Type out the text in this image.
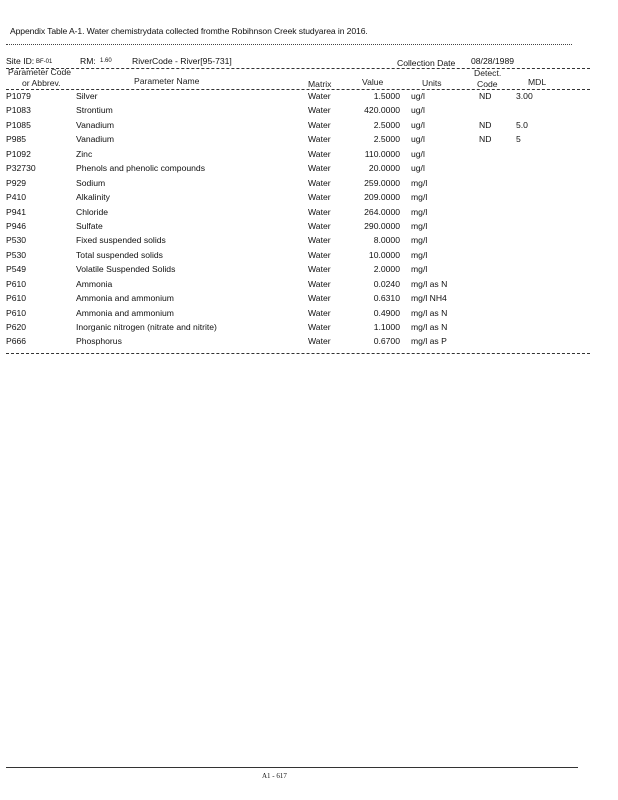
Appendix Table A-1. Water chemistrydata collected fromthe Robihnson Creek studyarea in 2016.
Site ID: BF-01	RM: 1.60 RiverCode - River[95-731]	Collection Date 08/28/1989
Parameter Code
or Abbrev.	Parameter Name	Matrix	Value	Units
Detect.
Code	MDL
P1079	Silver	Water	1.5000 ug/l	ND	3.00
P1083	Strontium	Water	420.0000 ug/l
P1085	Vanadium	Water	2.5000 ug/l	ND	5.0
P985	Vanadium	Water	2.5000 ug/l	ND	5
P1092	Zinc	Water	110.0000 ug/l
P32730	Phenols and phenolic compounds	Water	20.0000 ug/l
P929	Sodium	Water	259.0000 mg/l
P410	Alkalinity	Water	209.0000 mg/l
P941	Chloride	Water	264.0000 mg/l
P946	Sulfate	Water	290.0000 mg/l
P530	Fixed suspended solids	Water	8.0000 mg/l
P530	Total suspended solids	Water	10.0000 mg/l
P549	Volatile Suspended Solids	Water	2.0000 mg/l
P610	Ammonia	Water	0.0240 mg/l as N
P610	Ammonia and ammonium	Water	0.6310 mg/l NH4
P610	Ammonia and ammonium	Water	0.4900 mg/l as N
P620	Inorganic nitrogen (nitrate and nitrite)	Water	1.1000 mg/l as N
P666	Phosphorus	Water	0.6700 mg/l as P
A1 - 617
